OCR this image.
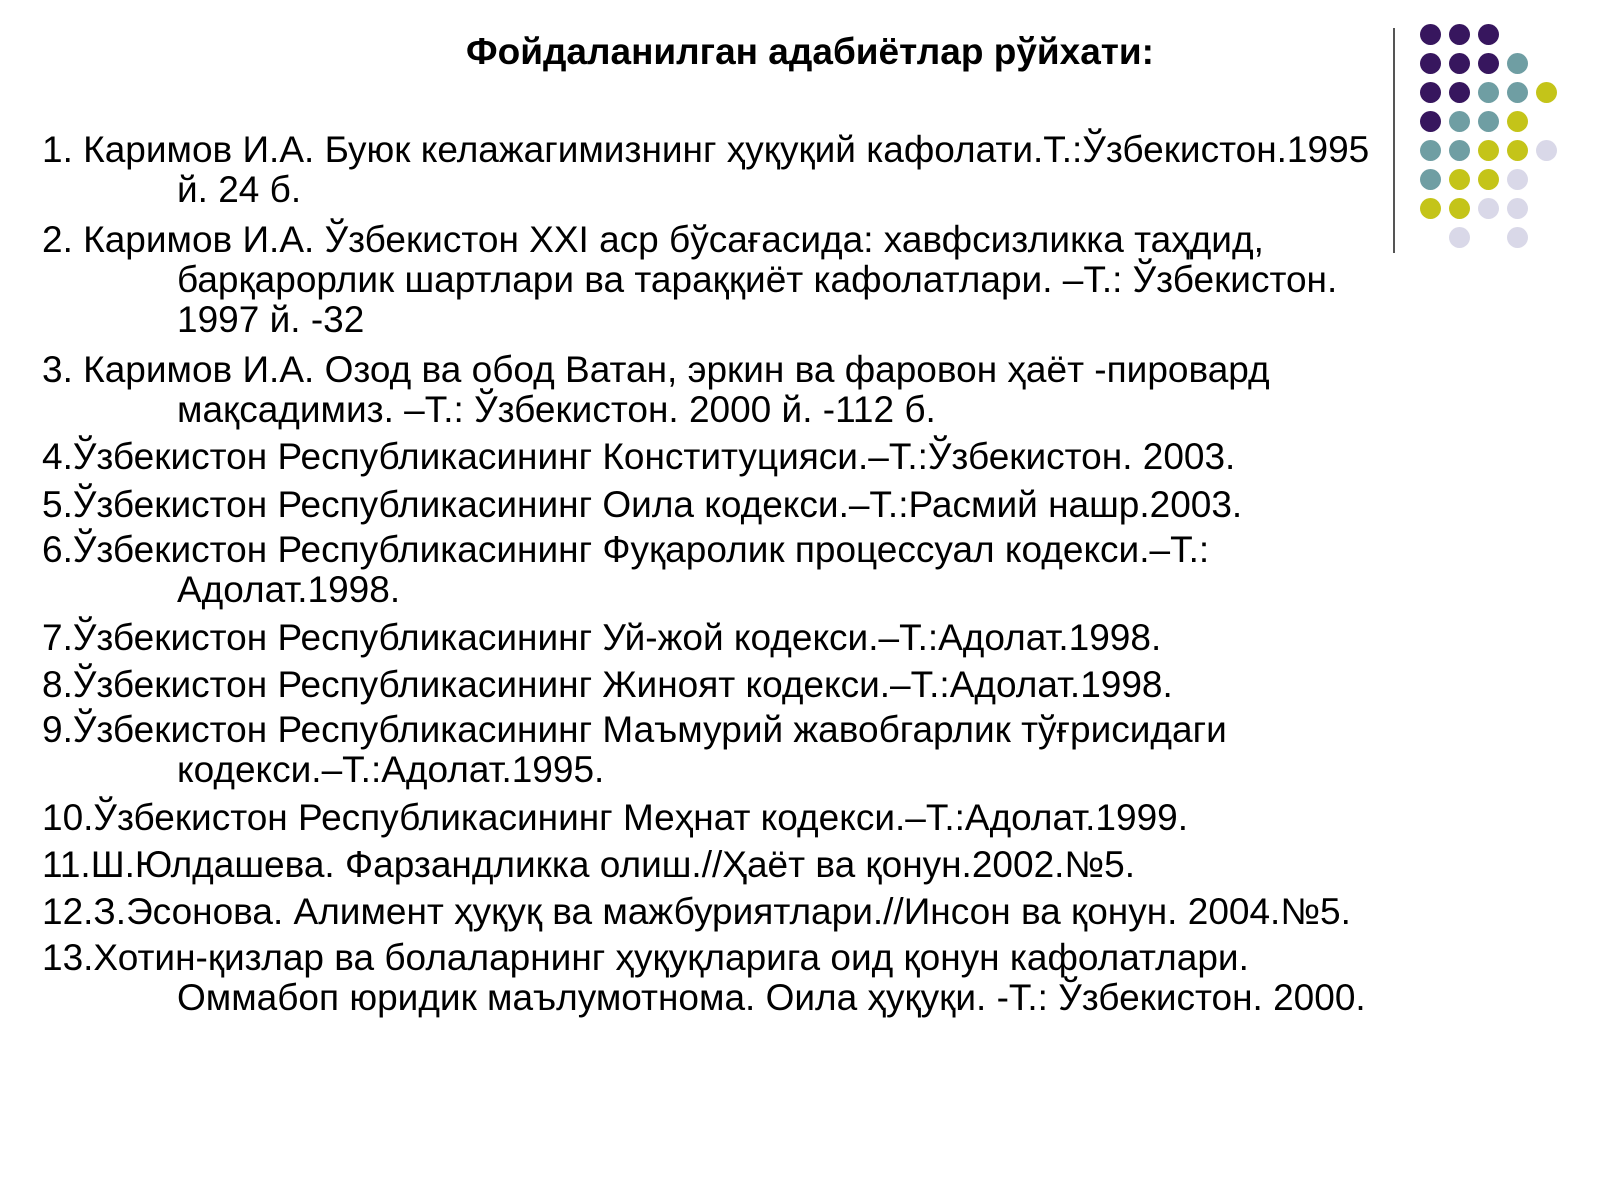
Фойдаланилган адабиётлар рўйхати:
1. Каримов И.А. Буюк келажагимизнинг ҳуқуқий кафолати.Т.:Ўзбекистон.1995
й. 24 б.
2. Каримов И.А. Ўзбекистон XXI аср бўсағасида: хавфсизликка таҳдид,
барқарорлик шартлари ва тараққиёт кафолатлари. –Т.: Ўзбекистон.
1997 й. -32
3. Каримов И.А. Озод ва обод Ватан, эркин ва фаровон ҳаёт -пировард
мақсадимиз. –Т.: Ўзбекистон. 2000 й. -112 б.
4.Ўзбекистон Республикасининг Конституцияси.–Т.:Ўзбекистон. 2003.
5.Ўзбекистон Республикасининг Оила кодекси.–Т.:Расмий нашр.2003.
6.Ўзбекистон Республикасининг Фуқаролик процессуал кодекси.–Т.:
Адолат.1998.
7.Ўзбекистон Республикасининг Уй-жой кодекси.–Т.:Адолат.1998.
8.Ўзбекистон Республикасининг Жиноят кодекси.–Т.:Адолат.1998.
9.Ўзбекистон Республикасининг Маъмурий жавобгарлик тўғрисидаги
кодекси.–Т.:Адолат.1995.
10.Ўзбекистон Республикасининг Меҳнат кодекси.–Т.:Адолат.1999.
11.Ш.Юлдашева. Фарзандликка олиш.//Ҳаёт ва қонун.2002.№5.
12.З.Эсонова. Алимент ҳуқуқ ва мажбуриятлари.//Инсон ва қонун. 2004.№5.
13.Хотин-қизлар ва болаларнинг ҳуқуқларига оид қонун кафолатлари.
Оммабоп юридик маълумотнома. Оила ҳуқуқи. -Т.: Ўзбекистон. 2000.
